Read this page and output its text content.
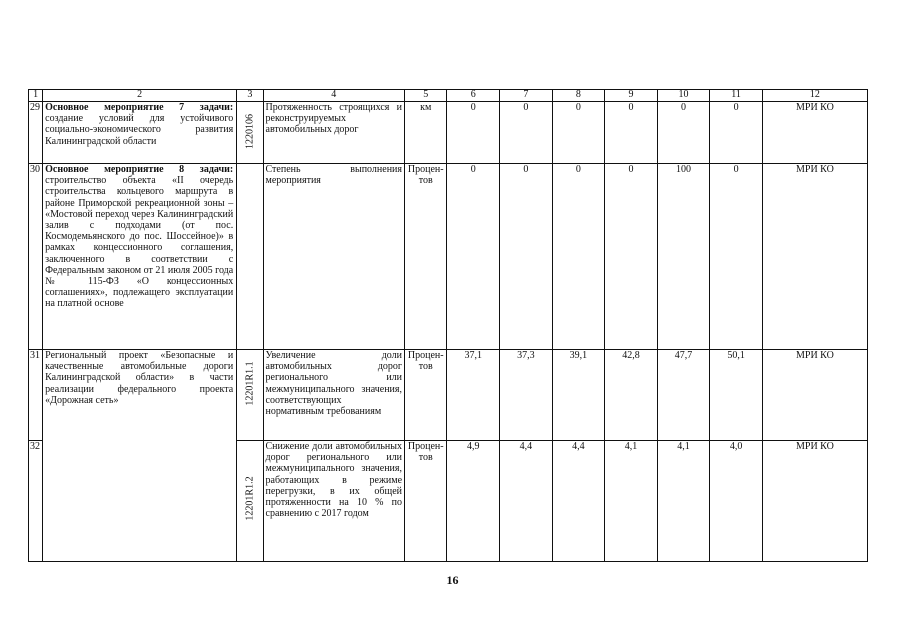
1	2	3	4	5	6	7	8	9	10	11	12
29	Основное мероприятие 7 задачи: создание условий для устойчивого социально-экономического развития Калининградской области	1220106	Протяженность строящихся и реконструируемых автомобильных дорог	км	0	0	0	0	0	0	МРИ КО
30	Основное мероприятие 8 задачи: строительство объекта «II очередь строительства кольцевого маршрута в районе Приморской рекреационной зоны – «Мостовой переход через Калининградский залив с подходами (от пос. Космодемьянского до пос. Шоссейное)» в рамках концессионного соглашения, заключенного в соответствии с Федеральным законом от 21 июля 2005 года № 115-ФЗ «О концессионных соглашениях», подлежащего эксплуатации на платной основе		Степень выполнения мероприятия	Процен-тов	0	0	0	0	100	0	МРИ КО
31	Региональный проект «Безопасные и качественные автомобильные дороги Калининградской области» в части реализации федерального проекта «Дорожная сеть»	12201R1.1	Увеличение доли автомобильных дорог регионального или межмуниципального значения, соответствующих нормативным требованиям	Процен-тов	37,1	37,3	39,1	42,8	47,7	50,1	МРИ КО
32		12201R1.2	Снижение доли автомобильных дорог регионального или межмуниципального значения, работающих в режиме перегрузки, в их общей протяженности на 10 % по сравнению с 2017 годом	Процен-тов	4,9	4,4	4,4	4,1	4,1	4,0	МРИ КО
16
